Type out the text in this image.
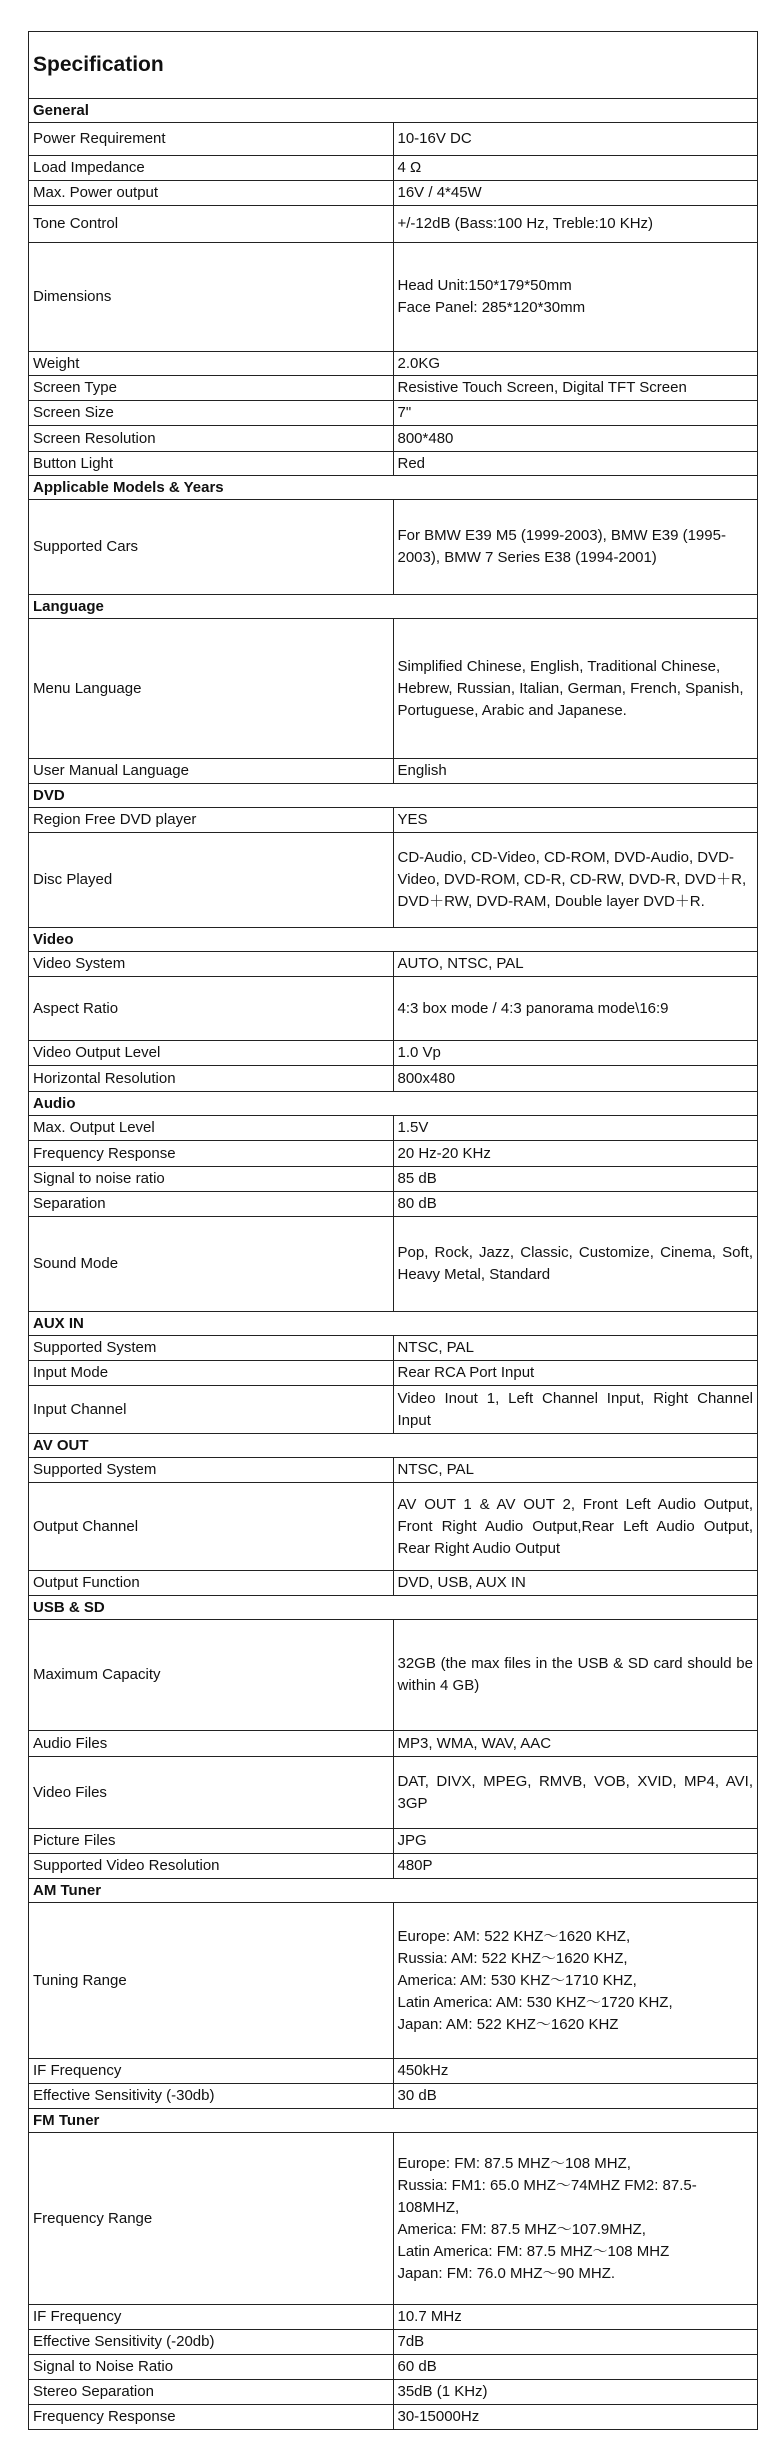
Specification	
General	
Power Requirement	10-16V DC
Load Impedance	4 Ω
Max. Power output	16V / 4*45W
Tone Control	+/-12dB (Bass:100 Hz, Treble:10 KHz)
Dimensions	Head Unit:150*179*50mm
Face Panel: 285*120*30mm
Weight	2.0KG
Screen Type	Resistive Touch Screen, Digital TFT Screen
Screen Size	7"
Screen Resolution	800*480
Button Light	Red
Applicable Models & Years	
Supported Cars	For BMW E39 M5 (1999-2003), BMW E39 (1995-2003), BMW 7 Series E38 (1994-2001)
Language	
Menu Language	Simplified Chinese, English, Traditional Chinese, Hebrew, Russian, Italian, German, French, Spanish, Portuguese, Arabic and Japanese.
User Manual Language	English
DVD	
Region Free DVD player	YES
Disc Played	CD-Audio, CD-Video, CD-ROM, DVD-Audio, DVD-Video, DVD-ROM, CD-R, CD-RW, DVD-R, DVD＋R, DVD＋RW, DVD-RAM, Double layer DVD＋R.
Video	
Video System	AUTO, NTSC, PAL
Aspect Ratio	4:3 box mode / 4:3 panorama mode\16:9
Video Output Level	1.0 Vp
Horizontal Resolution	800x480
Audio	
Max. Output Level	1.5V
Frequency Response	20 Hz-20 KHz
Signal to noise ratio	85 dB
Separation	80 dB
Sound Mode	Pop, Rock, Jazz, Classic, Customize, Cinema, Soft, Heavy Metal, Standard
AUX IN	
Supported System	NTSC, PAL
Input Mode	Rear RCA Port Input
Input Channel	Video Inout 1, Left Channel Input, Right Channel Input
AV OUT	
Supported System	NTSC, PAL
Output Channel	AV OUT 1 & AV OUT 2, Front Left Audio Output, Front Right Audio Output,Rear Left Audio Output, Rear Right Audio Output
Output Function	DVD, USB, AUX IN
USB & SD	
Maximum Capacity	32GB (the max files in the USB & SD card should be within 4 GB)
Audio Files	MP3, WMA, WAV, AAC
Video Files	DAT, DIVX, MPEG, RMVB, VOB, XVID, MP4, AVI, 3GP
Picture Files	JPG
Supported Video Resolution	480P
AM Tuner	
Tuning Range	Europe: AM: 522 KHZ～1620 KHZ,
Russia: AM: 522 KHZ～1620 KHZ,
America: AM: 530 KHZ～1710 KHZ,
Latin America: AM: 530 KHZ～1720 KHZ,
Japan: AM: 522 KHZ～1620 KHZ
IF Frequency	450kHz
Effective Sensitivity (-30db)	30 dB
FM Tuner	
Frequency Range	Europe: FM: 87.5 MHZ～108 MHZ,
Russia: FM1: 65.0 MHZ～74MHZ FM2: 87.5-108MHZ,
America: FM: 87.5 MHZ～107.9MHZ,
Latin America: FM: 87.5 MHZ～108 MHZ
Japan: FM: 76.0 MHZ～90 MHZ.
IF Frequency	10.7 MHz
Effective Sensitivity (-20db)	7dB
Signal to Noise Ratio	60 dB
Stereo Separation	35dB (1 KHz)
Frequency Response	30-15000Hz
